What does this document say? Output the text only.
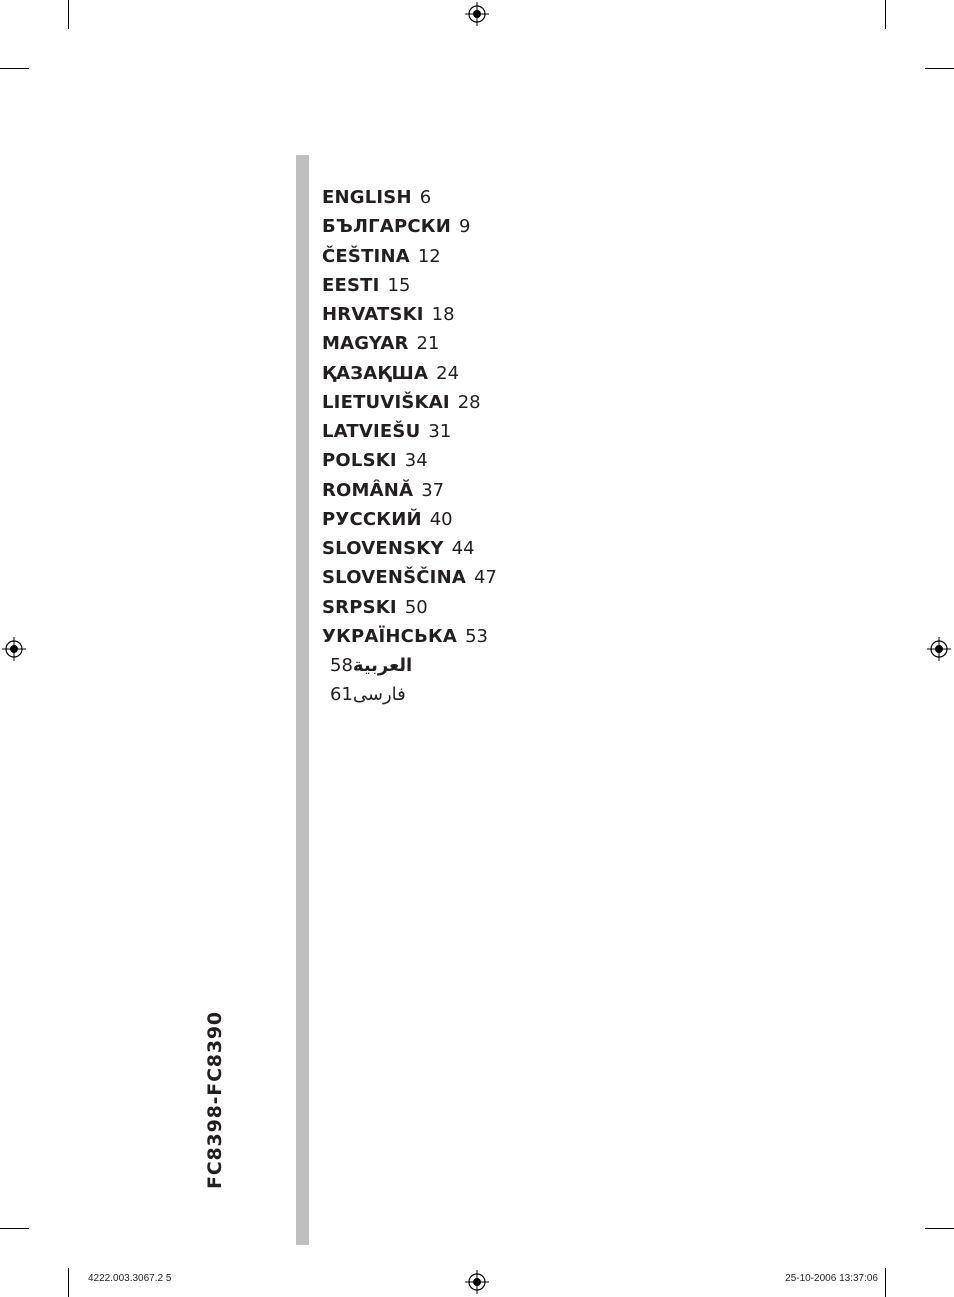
ENGLISH 6
БЪЛГАРСКИ 9
ČEŠTINA 12
EESTI 15
HRVATSKI 18
MAGYAR 21
ҚАЗАҚША 24
LIETUVIŠKAI 28
LATVIEŠU 31
POLSKI 34
ROMÂNĂ 37
РУССКИЙ 40
SLOVENSKY 44
SLOVENŠČINA 47
SRPSKI 50
УКРАЇНСЬКА 53
العربية58
فارسی61
FC8398-FC8390
4222.003.3067.2 5	25-10-2006 13:37:06
